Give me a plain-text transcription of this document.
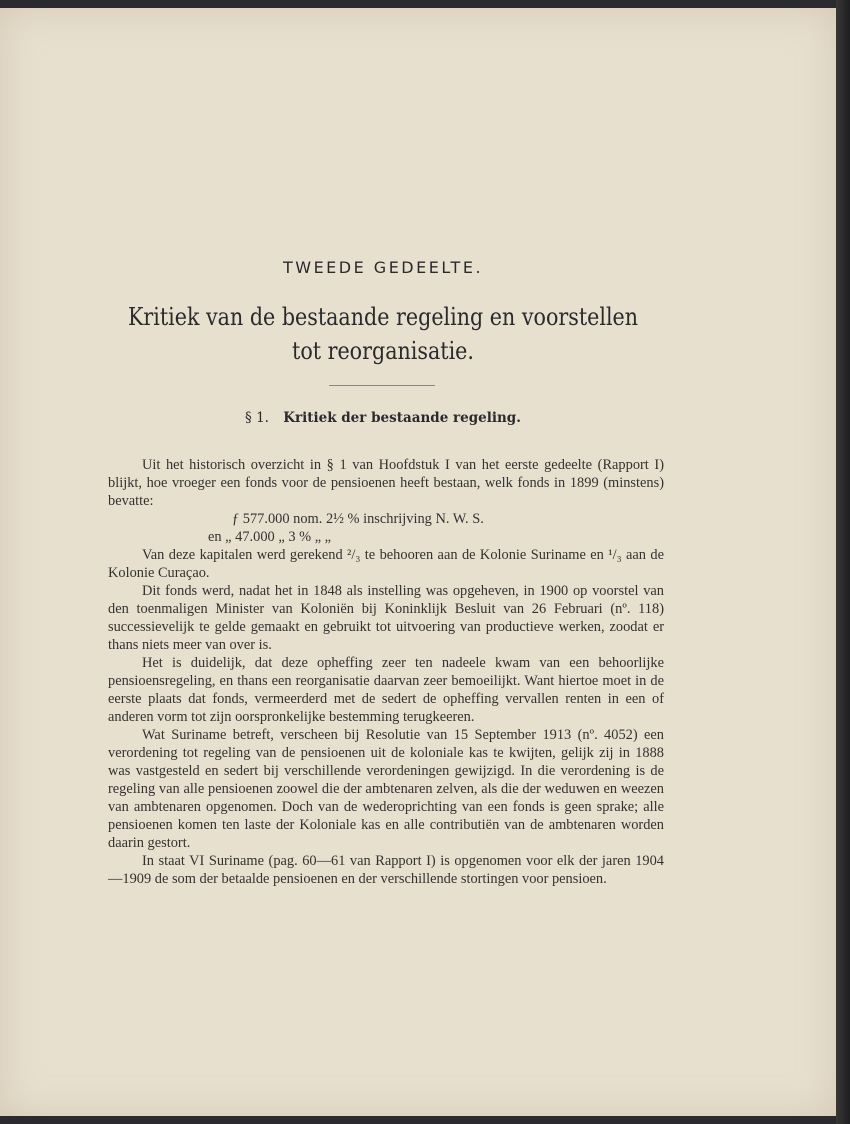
TWEEDE GEDEELTE.
Kritiek van de bestaande regeling en voorstellen
tot reorganisatie.
§ 1. Kritiek der bestaande regeling.

Uit het historisch overzicht in § 1 van Hoofdstuk I van het eerste gedeelte (Rapport I) blijkt, hoe vroeger een fonds voor de pensioenen heeft bestaan, welk fonds in 1899 (minstens) bevatte:

ƒ 577.000 nom. 2½ % inschrijving N. W. S.

en „ 47.000 „ 3 % „ „

Van deze kapitalen werd gerekend ²/₃ te behooren aan de Kolonie Suriname en ¹/₃ aan de Kolonie Curaçao.

Dit fonds werd, nadat het in 1848 als instelling was opgeheven, in 1900 op voorstel van den toenmaligen Minister van Koloniën bij Koninklijk Besluit van 26 Februari (nº. 118) successievelijk te gelde gemaakt en gebruikt tot uitvoering van productieve werken, zoodat er thans niets meer van over is.

Het is duidelijk, dat deze opheffing zeer ten nadeele kwam van een behoorlijke pensioensregeling, en thans een reorganisatie daarvan zeer bemoeilijkt. Want hiertoe moet in de eerste plaats dat fonds, vermeerderd met de sedert de opheffing vervallen renten in een of anderen vorm tot zijn oorspronkelijke bestemming terugkeeren.

Wat Suriname betreft, verscheen bij Resolutie van 15 September 1913 (nº. 4052) een verordening tot regeling van de pensioenen uit de koloniale kas te kwijten, gelijk zij in 1888 was vastgesteld en sedert bij verschillende verordeningen gewijzigd. In die verordening is de regeling van alle pensioenen zoowel die der ambtenaren zelven, als die der weduwen en weezen van ambtenaren opgenomen. Doch van de wederoprichting van een fonds is geen sprake; alle pensioenen komen ten laste der Koloniale kas en alle contributiën van de ambtenaren worden daarin gestort.

In staat VI Suriname (pag. 60—61 van Rapport I) is opgenomen voor elk der jaren 1904—1909 de som der betaalde pensioenen en der verschillende stortingen voor pensioen.
